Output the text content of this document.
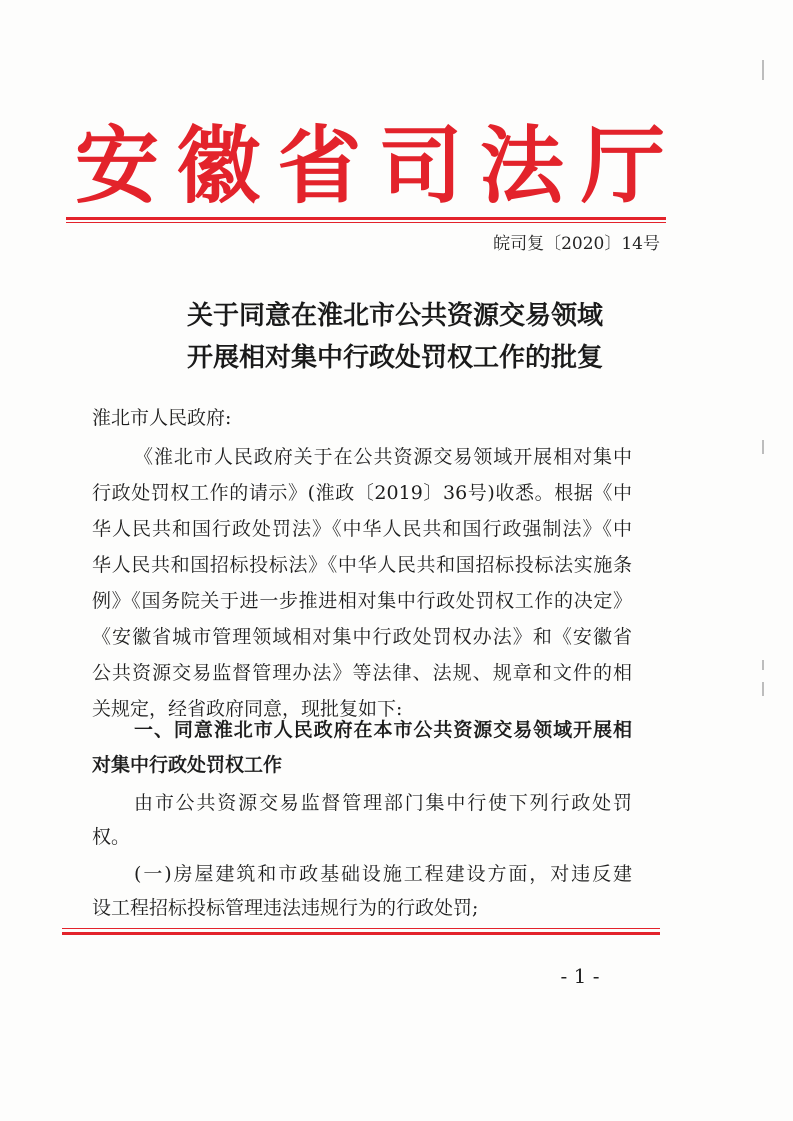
安 徽 省 司 法 厅
皖司复〔2020〕14号
关于同意在淮北市公共资源交易领域
开展相对集中行政处罚权工作的批复
淮北市人民政府:
《淮北市人民政府关于在公共资源交易领域开展相对集中
行政处罚权工作的请示》(淮政〔2019〕36号)收悉。根据《中
华人民共和国行政处罚法》《中华人民共和国行政强制法》《中
华人民共和国招标投标法》《中华人民共和国招标投标法实施条
例》《国务院关于进一步推进相对集中行政处罚权工作的决定》
《安徽省城市管理领域相对集中行政处罚权办法》和《安徽省
公共资源交易监督管理办法》等法律、法规、规章和文件的相
关规定，经省政府同意，现批复如下:
一、同意淮北市人民政府在本市公共资源交易领域开展相
对集中行政处罚权工作
由市公共资源交易监督管理部门集中行使下列行政处罚
权。
- 1 -
(一)房屋建筑和市政基础设施工程建设方面，对违反建
设工程招标投标管理违法违规行为的行政处罚;
